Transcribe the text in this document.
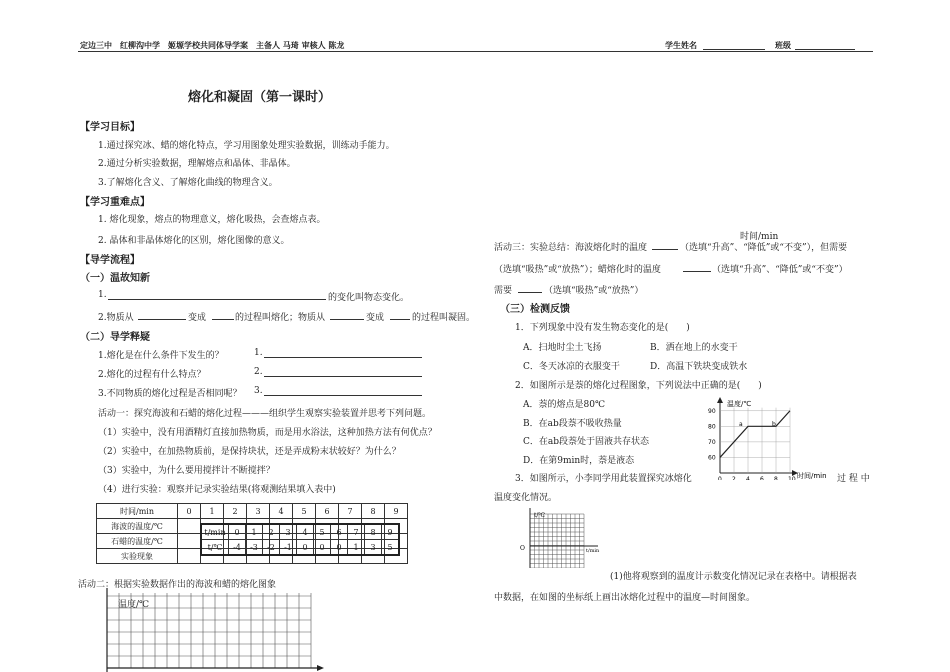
定边三中　红柳沟中学　姬塬学校共同体导学案　主备人 马琦 审核人 陈龙	学生姓名	班级
熔化和凝固（第一课时）
【学习目标】
1.通过探究冰、蜡的熔化特点，学习用图象处理实验数据，训练动手能力。
2.通过分析实验数据，理解熔点和晶体、非晶体。
3.了解熔化含义、了解熔化曲线的物理含义。
【学习重难点】
1. 熔化现象，熔点的物理意义，熔化吸热，会查熔点表。
2. 晶体和非晶体熔化的区别，熔化图像的意义。
【导学流程】
（一）温故知新
1.	的变化叫物态变化。
2.物质从	变成	的过程叫熔化；物质从	变成	的过程叫凝固。
（二）导学释疑
1.熔化是在什么条件下发生的？	1.
2.熔化的过程有什么特点？	2.
3.不同物质的熔化过程是否相同呢？ 3.
活动一：探究海波和石蜡的熔化过程———组织学生观察实验装置并思考下列问题。
（1）实验中，没有用酒精灯直接加热物质，而是用水浴法，这种加热方法有何优点？
（2）实验中，在加热物质前，是保持块状，还是弄成粉末状较好？为什么？
（3）实验中，为什么要用搅拌计不断搅拌？
（4）进行实验：观察并记录实验结果(将观测结果填入表中)
时间/min	0	1	2	3	4	5	6	7	8	9
海波的温度/℃										
石蜡的温度/℃										
实验现象										
t/min	0	1	2	3	4	5	6	7	8	9
t/℃	-4	-3	-2	-1	0	0	0	1	3	5
活动二：根据实验数据作出的海波和蜡的熔化图象
温度/℃
时间/min
活动三：实验总结：海波熔化时的温度	（选填“升高”、“降低”或“不变”），但需要
（选填“吸热”或“放热”）；蜡熔化时的温度	（选填“升高”、“降低”或“不变”）
需要	（选填“吸热”或“放热”）
（三）检测反馈
1．下列现象中没有发生物态变化的是(　　)
A．扫地时尘土飞扬	B．洒在地上的水变干
C．冬天冰凉的衣服变干	D．高温下铁块变成铁水
2．如图所示是萘的熔化过程图象，下列说法中正确的是(　　)
A．萘的熔点是80℃
B．在ab段萘不吸收热量
C．在ab段萘处于固液共存状态
D．在第9min时，萘是液态
90
80
70
60
0 2 4 6 8 10
温度/℃
时间/min
a	b
3．如图所示，小李同学用此装置探究冰熔化	过 程 中
温度变化情况。
t/℃
t/min
O
(1)他将观察到的温度计示数变化情况记录在表格中。请根据表
中数据，在如图的坐标纸上画出冰熔化过程中的温度—时间图象。
